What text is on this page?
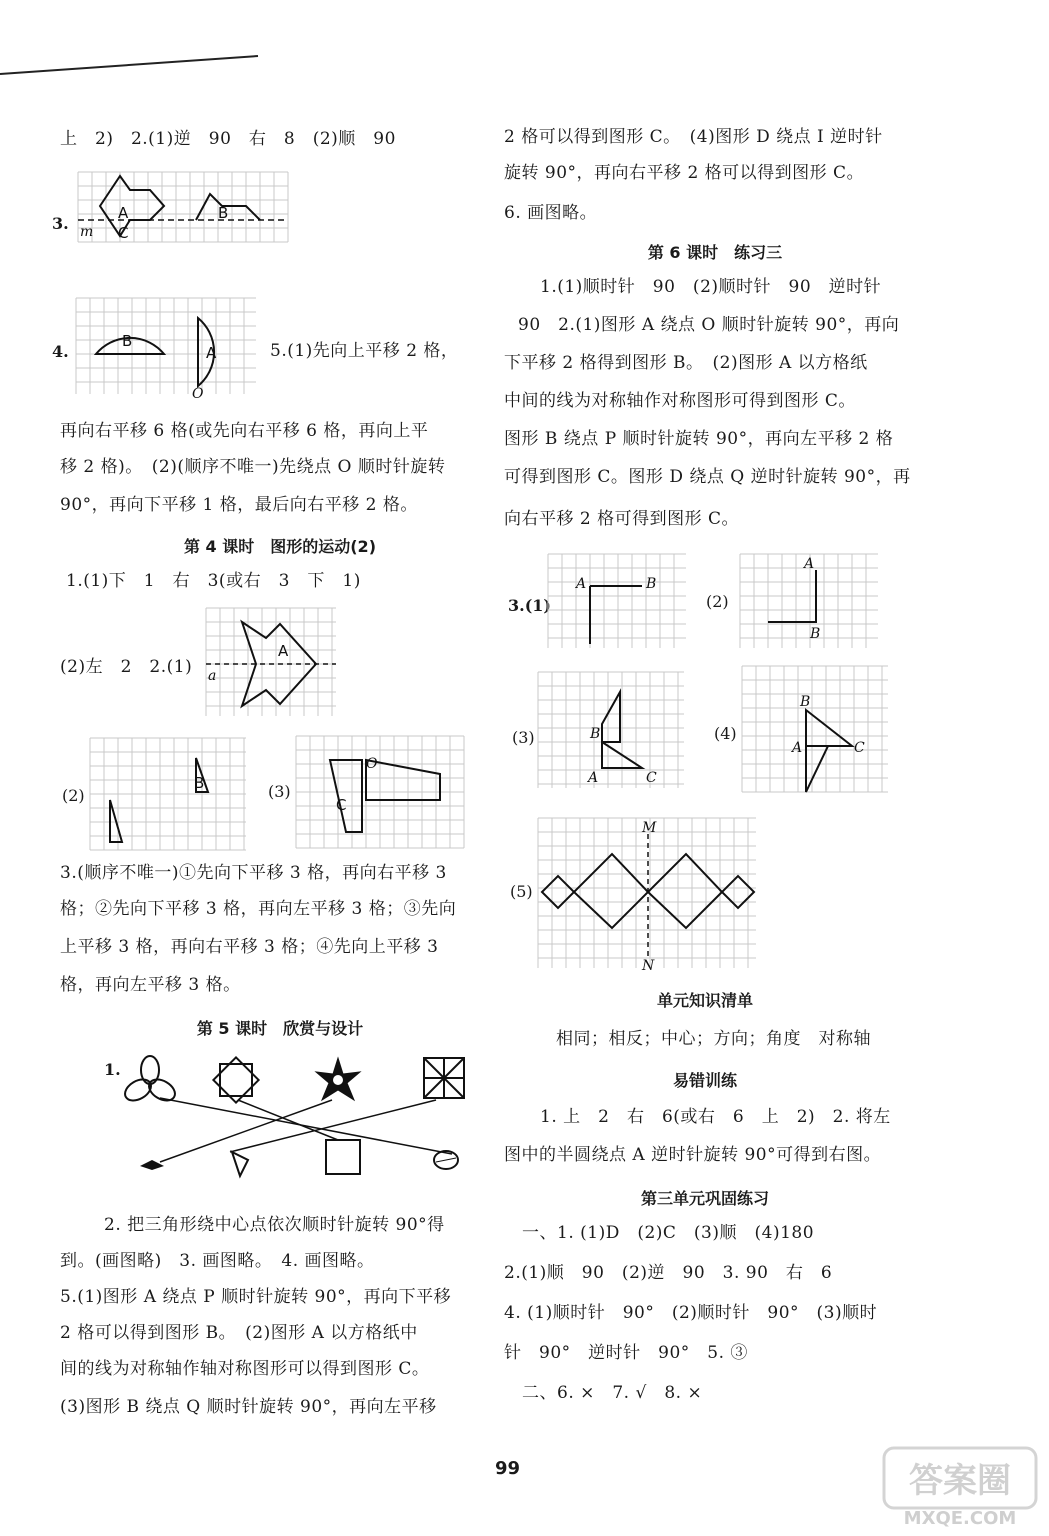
上　2)　2.(1)逆　90　右　8　(2)顺　90
3.
A
C
B
m
4.
B
A
O
5.(1)先向上平移 2 格，
再向右平移 6 格(或先向右平移 6 格，再向上平
移 2 格)。　(2)(顺序不唯一)先绕点 O 顺时针旋转
90°，再向下平移 1 格，最后向右平移 2 格。
第 4 课时　图形的运动(2)
1.(1)下　1　右　3(或右　3　下　1)
A
a
(2)左　2　2.(1)
(2)
B	(3)
C
O
3.(顺序不唯一)①先向下平移 3 格，再向右平移 3
格；②先向下平移 3 格，再向左平移 3 格；③先向
上平移 3 格，再向右平移 3 格；④先向上平移 3
格，再向左平移 3 格。
第 5 课时　欣赏与设计
1.
2. 把三角形绕中心点依次顺时针旋转 90°得
到。(画图略)　3. 画图略。　4. 画图略。
5.(1)图形 A 绕点 P 顺时针旋转 90°，再向下平移
2 格可以得到图形 B。　(2)图形 A 以方格纸中
间的线为对称轴作轴对称图形可以得到图形 C。
(3)图形 B 绕点 Q 顺时针旋转 90°，再向左平移
2 格可以得到图形 C。　(4)图形 D 绕点 I 逆时针
旋转 90°，再向右平移 2 格可以得到图形 C。
6. 画图略。
第 6 课时　练习三
1.(1)顺时针　90　(2)顺时针　90　逆时针
90　2.(1)图形 A 绕点 O 顺时针旋转 90°，再向
下平移 2 格得到图形 B。　(2)图形 A 以方格纸
中间的线为对称轴作对称图形可得到图形 C。
图形 B 绕点 P 顺时针旋转 90°，再向左平移 2 格
可得到图形 C。图形 D 绕点 Q 逆时针旋转 90°，再
向右平移 2 格可得到图形 C。
3.(1)
A	B
(2)
A
B
(3)	B
A	C
(4)
B
A	C
(5)
M
N
单元知识清单
相同；相反；中心；方向；角度　对称轴
易错训练
1. 上　2　右　6(或右　6　上　2)　2. 将左
图中的半圆绕点 A 逆时针旋转 90°可得到右图。
第三单元巩固练习
一、1. (1)D　(2)C　(3)顺　(4)180
2.(1)顺　90　(2)逆　90　3. 90　右　6
4. (1)顺时针　90°　(2)顺时针　90°　(3)顺时
针　90°　逆时针　90°　5. ③
二、6. ×　7. √　8. ×
99	答案圈
MXQE.COM
